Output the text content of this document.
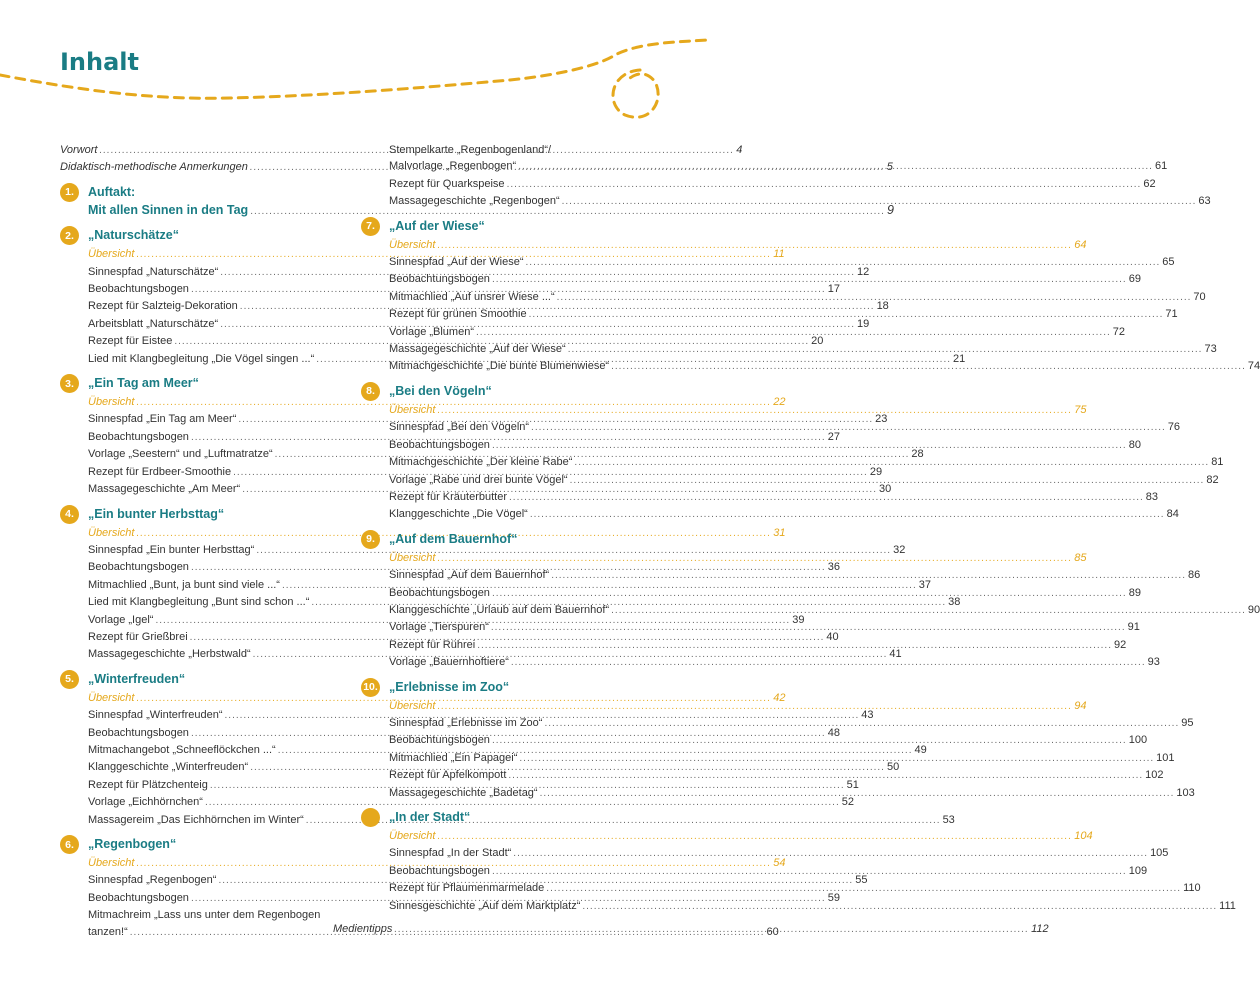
Inhalt
Vorwort .....	4
Didaktisch-methodische Anmerkungen .....	5
1.	Auftakt:
Mit allen Sinnen in den Tag .....	9
2.	„Naturschätze“
Übersicht .....	11
Sinnespfad „Naturschätze“ .....	12
Beobachtungsbogen .....	17
Rezept für Salzteig-Dekoration .....	18
Arbeitsblatt „Naturschätze“ .....	19
Rezept für Eistee .....	20
Lied mit Klangbegleitung „Die Vögel singen ...“ .....	21
3.	„Ein Tag am Meer“
Übersicht .....	22
Sinnespfad „Ein Tag am Meer“ .....	23
Beobachtungsbogen .....	27
Vorlage „Seestern“ und „Luftmatratze“ .....	28
Rezept für Erdbeer-Smoothie .....	29
Massagegeschichte „Am Meer“ .....	30
4.	„Ein bunter Herbsttag“
Übersicht .....	31
Sinnespfad „Ein bunter Herbsttag“ .....	32
Beobachtungsbogen .....	36
Mitmachlied „Bunt, ja bunt sind viele ...“ .....	37
Lied mit Klangbegleitung „Bunt sind schon ...“ .....	38
Vorlage „Igel“ .....	39
Rezept für Grießbrei .....	40
Massagegeschichte „Herbstwald“ .....	41
5.	„Winterfreuden“
Übersicht .....	42
Sinnespfad „Winterfreuden“ .....	43
Beobachtungsbogen .....	48
Mitmachangebot „Schneeflöckchen ...“ .....	49
Klanggeschichte „Winterfreuden“ .....	50
Rezept für Plätzchenteig .....	51
Vorlage „Eichhörnchen“ .....	52
Massagereim „Das Eichhörnchen im Winter“ .....	53
6.	„Regenbogen“
Übersicht .....	54
Sinnespfad „Regenbogen“ .....	55
Beobachtungsbogen .....	59
Mitmachreim „Lass uns unter dem Regenbogen
tanzen!“ .....	60
Stempelkarte „Regenbogenland“/
Malvorlage „Regenbogen“ .....	61
Rezept für Quarkspeise .....	62
Massagegeschichte „Regenbogen“ .....	63
7.	„Auf der Wiese“
Übersicht .....	64
Sinnespfad „Auf der Wiese“ .....	65
Beobachtungsbogen .....	69
Mitmachlied „Auf unsrer Wiese ...“ .....	70
Rezept für grünen Smoothie .....	71
Vorlage „Blumen“ .....	72
Massagegeschichte „Auf der Wiese“ .....	73
Mitmachgeschichte „Die bunte Blumenwiese“ .....	74
8.	„Bei den Vögeln“
Übersicht .....	75
Sinnespfad „Bei den Vögeln“ .....	76
Beobachtungsbogen .....	80
Mitmachgeschichte „Der kleine Rabe“ .....	81
Vorlage „Rabe und drei bunte Vögel“ .....	82
Rezept für Kräuterbutter .....	83
Klanggeschichte „Die Vögel“ .....	84
9.	„Auf dem Bauernhof“
Übersicht .....	85
Sinnespfad „Auf dem Bauernhof“ .....	86
Beobachtungsbogen .....	89
Klanggeschichte „Urlaub auf dem Bauernhof“ .....	90
Vorlage „Tierspuren“ .....	91
Rezept für Rührei .....	92
Vorlage „Bauernhoftiere“ .....	93
10. „Erlebnisse im Zoo“
Übersicht .....	94
Sinnespfad „Erlebnisse im Zoo“ .....	95
Beobachtungsbogen .....	100
Mitmachlied „Ein Papagei“ .....	101
Rezept für Apfelkompott .....	102
Massagegeschichte „Badetag“ .....	103
„In der Stadt“
Übersicht .....	104
Sinnespfad „In der Stadt“ .....	105
Beobachtungsbogen .....	109
Rezept für Pflaumenmarmelade .....	110
Sinnesgeschichte „Auf dem Marktplatz“ .....	111
Medientipps .....	112
